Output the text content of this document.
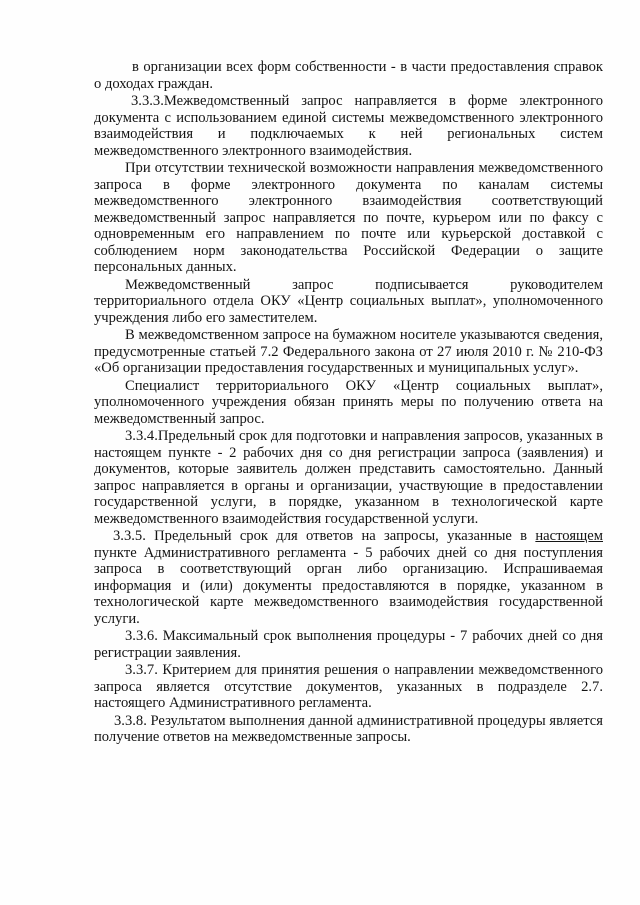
в организации всех форм собственности - в части предоставления справок о доходах граждан.

3.3.3.Межведомственный запрос направляется в форме электронного документа с использованием единой системы межведомственного электронного взаимодействия и подключаемых к ней региональных систем межведомственного электронного взаимодействия.

При отсутствии технической возможности направления межведомственного запроса в форме электронного документа по каналам системы межведомственного электронного взаимодействия соответствующий межведомственный запрос направляется по почте, курьером или по факсу с одновременным его направлением по почте или курьерской доставкой с соблюдением норм законодательства Российской Федерации о защите персональных данных.

Межведомственный запрос подписывается руководителем территориального отдела ОКУ «Центр социальных выплат», уполномоченного учреждения либо его заместителем.

В межведомственном запросе на бумажном носителе указываются сведения, предусмотренные статьей 7.2 Федерального закона от 27 июля 2010 г. № 210-ФЗ «Об организации предоставления государственных и муниципальных услуг».

Специалист территориального ОКУ «Центр социальных выплат», уполномоченного учреждения обязан принять меры по получению ответа на межведомственный запрос.

3.3.4.Предельный срок для подготовки и направления запросов, указанных в настоящем пункте - 2 рабочих дня со дня регистрации запроса (заявления) и документов, которые заявитель должен представить самостоятельно. Данный запрос направляется в органы и организации, участвующие в предоставлении государственной услуги, в порядке, указанном в технологической карте межведомственного взаимодействия государственной услуги.

3.3.5. Предельный срок для ответов на запросы, указанные в настоящем пункте Административного регламента - 5 рабочих дней со дня поступления запроса в соответствующий орган либо организацию. Испрашиваемая информация и (или) документы предоставляются в порядке, указанном в технологической карте межведомственного взаимодействия государственной услуги.

3.3.6. Максимальный срок выполнения процедуры - 7 рабочих дней со дня регистрации заявления.

3.3.7. Критерием для принятия решения о направлении межведомственного запроса является отсутствие документов, указанных в подразделе 2.7. настоящего Административного регламента.

3.3.8. Результатом выполнения данной административной процедуры является получение ответов на межведомственные запросы.
